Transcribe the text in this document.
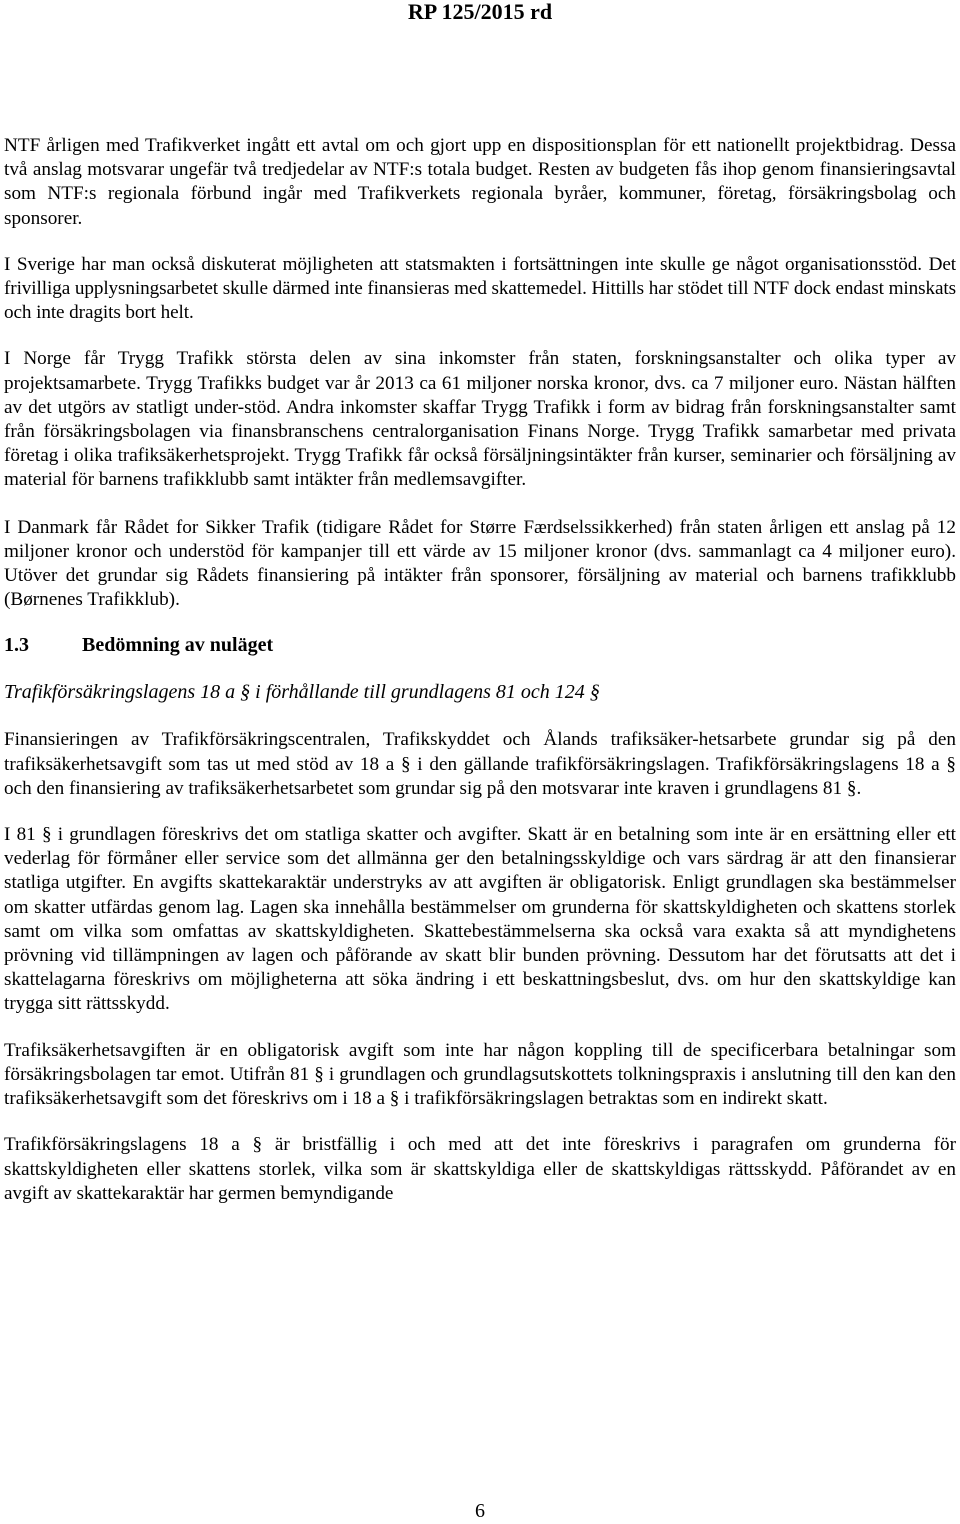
RP 125/2015 rd

NTF årligen med Trafikverket ingått ett avtal om och gjort upp en dispositionsplan för ett nationellt projektbidrag. Dessa två anslag motsvarar ungefär två tredjedelar av NTF:s totala budget. Resten av budgeten fås ihop genom finansieringsavtal som NTF:s regionala förbund ingår med Trafikverkets regionala byråer, kommuner, företag, försäkringsbolag och sponsorer.

I Sverige har man också diskuterat möjligheten att statsmakten i fortsättningen inte skulle ge något organisationsstöd. Det frivilliga upplysningsarbetet skulle därmed inte finansieras med skattemedel. Hittills har stödet till NTF dock endast minskats och inte dragits bort helt.

I Norge får Trygg Trafikk största delen av sina inkomster från staten, forskningsanstalter och olika typer av projektsamarbete. Trygg Trafikks budget var år 2013 ca 61 miljoner norska kronor, dvs. ca 7 miljoner euro. Nästan hälften av det utgörs av statligt under-stöd. Andra inkomster skaffar Trygg Trafikk i form av bidrag från forskningsanstalter samt från försäkringsbolagen via finansbranschens centralorganisation Finans Norge. Trygg Trafikk samarbetar med privata företag i olika trafiksäkerhetsprojekt. Trygg Trafikk får också försäljningsintäkter från kurser, seminarier och försäljning av material för barnens trafikklubb samt intäkter från medlemsavgifter.

I Danmark får Rådet for Sikker Trafik (tidigare Rådet for Større Færdselssikkerhed) från staten årligen ett anslag på 12 miljoner kronor och understöd för kampanjer till ett värde av 15 miljoner kronor (dvs. sammanlagt ca 4 miljoner euro). Utöver det grundar sig Rådets finansiering på intäkter från sponsorer, försäljning av material och barnens trafikklubb (Børnenes Trafikklub).

1.3	Bedömning av nuläget

Trafikförsäkringslagens 18 a § i förhållande till grundlagens 81 och 124 §

Finansieringen av Trafikförsäkringscentralen, Trafikskyddet och Ålands trafiksäker-hetsarbete grundar sig på den trafiksäkerhetsavgift som tas ut med stöd av 18 a § i den gällande trafikförsäkringslagen. Trafikförsäkringslagens 18 a § och den finansiering av trafiksäkerhetsarbetet som grundar sig på den motsvarar inte kraven i grundlagens 81 §.

I 81 § i grundlagen föreskrivs det om statliga skatter och avgifter. Skatt är en betalning som inte är en ersättning eller ett vederlag för förmåner eller service som det allmänna ger den betalningsskyldige och vars särdrag är att den finansierar statliga utgifter. En avgifts skattekaraktär understryks av att avgiften är obligatorisk. Enligt grundlagen ska bestämmelser om skatter utfärdas genom lag. Lagen ska innehålla bestämmelser om grunderna för skattskyldigheten och skattens storlek samt om vilka som omfattas av skattskyldigheten. Skattebestämmelserna ska också vara exakta så att myndighetens prövning vid tillämpningen av lagen och påförande av skatt blir bunden prövning. Dessutom har det förutsatts att det i skattelagarna föreskrivs om möjligheterna att söka ändring i ett beskattningsbeslut, dvs. om hur den skattskyldige kan trygga sitt rättsskydd.

Trafiksäkerhetsavgiften är en obligatorisk avgift som inte har någon koppling till de specificerbara betalningar som försäkringsbolagen tar emot. Utifrån 81 § i grundlagen och grundlagsutskottets tolkningspraxis i anslutning till den kan den trafiksäkerhetsavgift som det föreskrivs om i 18 a § i trafikförsäkringslagen betraktas som en indirekt skatt.

Trafikförsäkringslagens 18 a § är bristfällig i och med att det inte föreskrivs i paragrafen om grunderna för skattskyldigheten eller skattens storlek, vilka som är skattskyldiga eller de skattskyldigas rättsskydd. Påförandet av en avgift av skattekaraktär har germen bemyndigande

6
